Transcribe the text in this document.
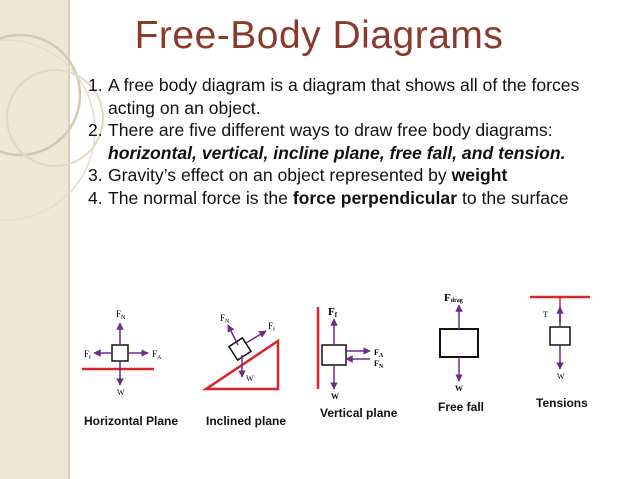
Free-Body Diagrams
1. A free body diagram is a diagram that shows all of the forces acting on an object.
2. There are five different ways to draw free body diagrams: horizontal, vertical, incline plane, free fall, and tension.
3. Gravity’s effect on an object represented by weight
4. The normal force is the force perpendicular to the surface
$F_N$
$F_f$	$F_A$
W
Horizontal Plane
$F_N$	$F_f$
W
Inclined plane
Ff
$F_A$
$F_N$
W
Vertical plane
Fdrag
W
Free fall
T
W
Tensions
